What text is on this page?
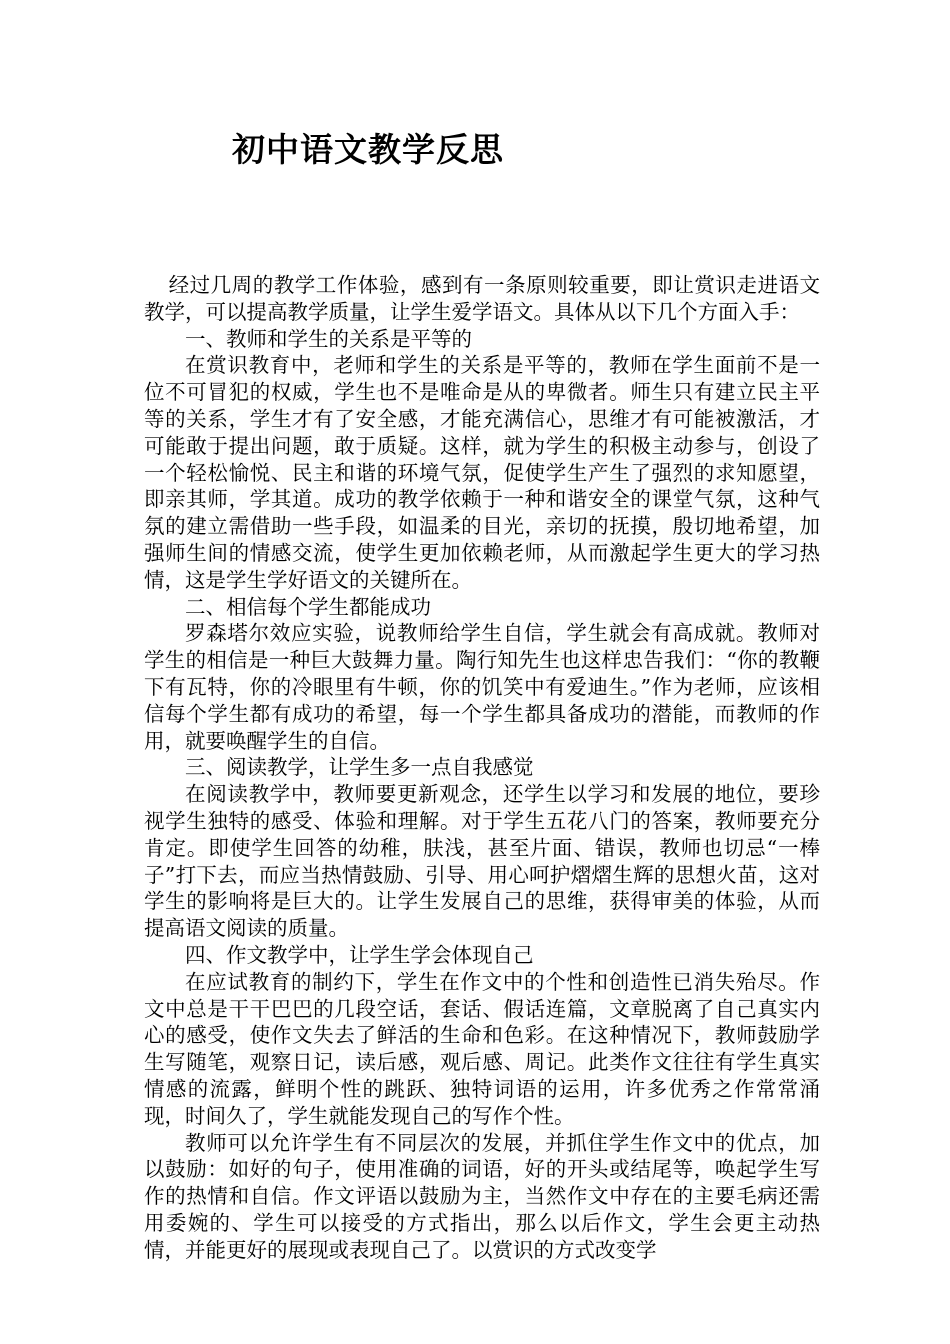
初中语文教学反思

经过几周的教学工作体验，感到有一条原则较重要，即让赏识走进语文教学，可以提高教学质量，让学生爱学语文。具体从以下几个方面入手：

一、教师和学生的关系是平等的

在赏识教育中，老师和学生的关系是平等的，教师在学生面前不是一位不可冒犯的权威，学生也不是唯命是从的卑微者。师生只有建立民主平等的关系，学生才有了安全感，才能充满信心，思维才有可能被激活，才可能敢于提出问题，敢于质疑。这样，就为学生的积极主动参与，创设了一个轻松愉悦、民主和谐的环境气氛，促使学生产生了强烈的求知愿望，即亲其师，学其道。成功的教学依赖于一种和谐安全的课堂气氛，这种气氛的建立需借助一些手段，如温柔的目光，亲切的抚摸，殷切地希望，加强师生间的情感交流，使学生更加依赖老师，从而激起学生更大的学习热情，这是学生学好语文的关键所在。

二、相信每个学生都能成功

罗森塔尔效应实验，说教师给学生自信，学生就会有高成就。教师对学生的相信是一种巨大鼓舞力量。陶行知先生也这样忠告我们：“你的教鞭下有瓦特，你的冷眼里有牛顿，你的饥笑中有爱迪生。”作为老师，应该相信每个学生都有成功的希望，每一个学生都具备成功的潜能，而教师的作用，就要唤醒学生的自信。

三、阅读教学，让学生多一点自我感觉

在阅读教学中，教师要更新观念，还学生以学习和发展的地位，要珍视学生独特的感受、体验和理解。对于学生五花八门的答案，教师要充分肯定。即使学生回答的幼稚，肤浅，甚至片面、错误，教师也切忌“一棒子”打下去，而应当热情鼓励、引导、用心呵护熠熠生辉的思想火苗，这对学生的影响将是巨大的。让学生发展自己的思维，获得审美的体验，从而提高语文阅读的质量。

四、作文教学中，让学生学会体现自己

在应试教育的制约下，学生在作文中的个性和创造性已消失殆尽。作文中总是干干巴巴的几段空话，套话、假话连篇，文章脱离了自己真实内心的感受，使作文失去了鲜活的生命和色彩。在这种情况下，教师鼓励学生写随笔，观察日记，读后感，观后感、周记。此类作文往往有学生真实情感的流露，鲜明个性的跳跃、独特词语的运用，许多优秀之作常常涌现，时间久了，学生就能发现自己的写作个性。

教师可以允许学生有不同层次的发展，并抓住学生作文中的优点，加以鼓励：如好的句子，使用准确的词语，好的开头或结尾等，唤起学生写作的热情和自信。作文评语以鼓励为主，当然作文中存在的主要毛病还需用委婉的、学生可以接受的方式指出，那么以后作文，学生会更主动热情，并能更好的展现或表现自己了。以赏识的方式改变学
